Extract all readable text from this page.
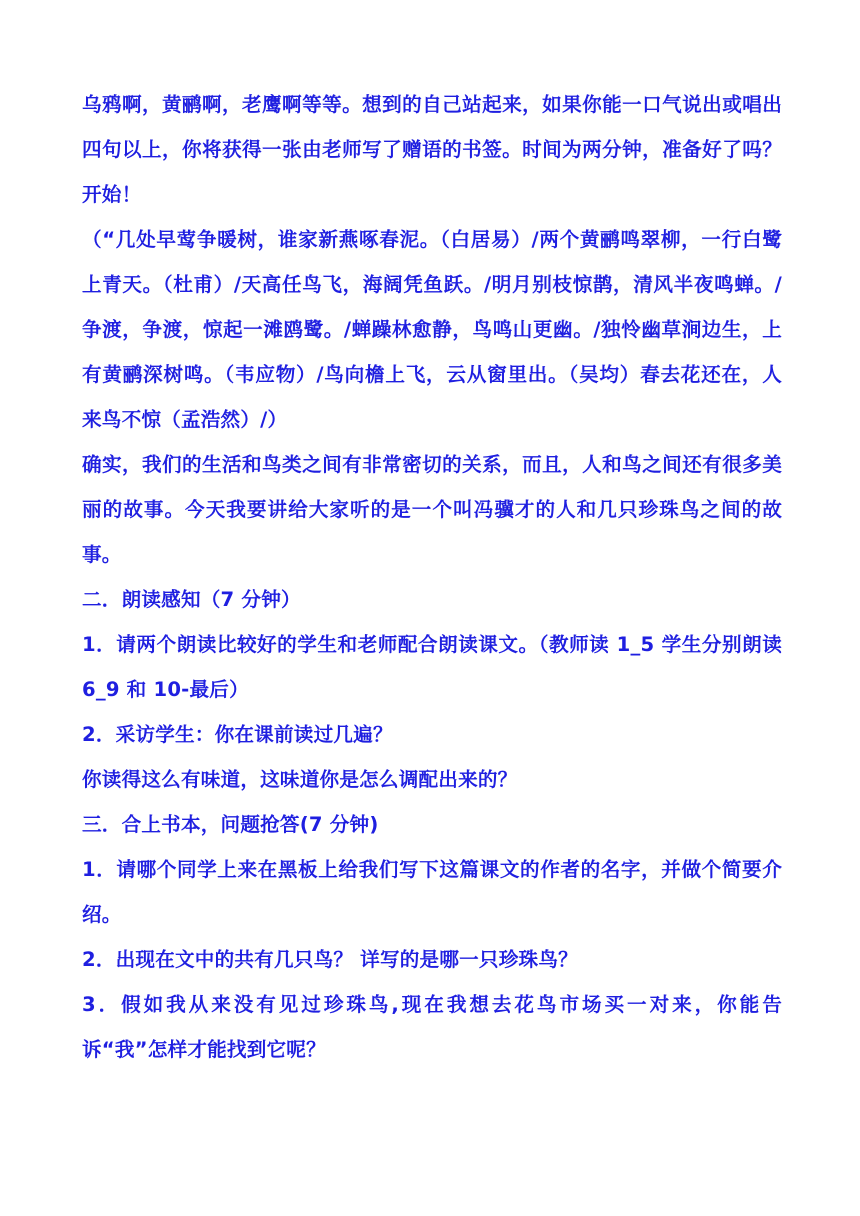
乌鸦啊，黄鹂啊，老鹰啊等等。想到的自己站起来，如果你能一口气说出或唱出四句以上，你将获得一张由老师写了赠语的书签。时间为两分钟，准备好了吗？开始！

（“几处早莺争暖树，谁家新燕啄春泥。（白居易）/两个黄鹂鸣翠柳，一行白鹭上青天。（杜甫）/天高任鸟飞，海阔凭鱼跃。/明月别枝惊鹊，清风半夜鸣蝉。/争渡，争渡，惊起一滩鸥鹭。/蝉躁林愈静，鸟鸣山更幽。/独怜幽草涧边生，上有黄鹂深树鸣。（韦应物）/鸟向檐上飞，云从窗里出。（吴均）春去花还在，人来鸟不惊（孟浩然）/）

确实，我们的生活和鸟类之间有非常密切的关系，而且，人和鸟之间还有很多美丽的故事。今天我要讲给大家听的是一个叫冯骥才的人和几只珍珠鸟之间的故事。

二．朗读感知（7 分钟）

1．请两个朗读比较好的学生和老师配合朗读课文。（教师读 1_5 学生分别朗读 6_9 和 10-最后）

2．采访学生：你在课前读过几遍？

你读得这么有味道，这味道你是怎么调配出来的？

三．合上书本，问题抢答(7 分钟)

1．请哪个同学上来在黑板上给我们写下这篇课文的作者的名字，并做个简要介绍。

2．出现在文中的共有几只鸟？ 详写的是哪一只珍珠鸟？

3．假如我从来没有见过珍珠鸟,现在我想去花鸟市场买一对来，你能告诉“我”怎样才能找到它呢？
